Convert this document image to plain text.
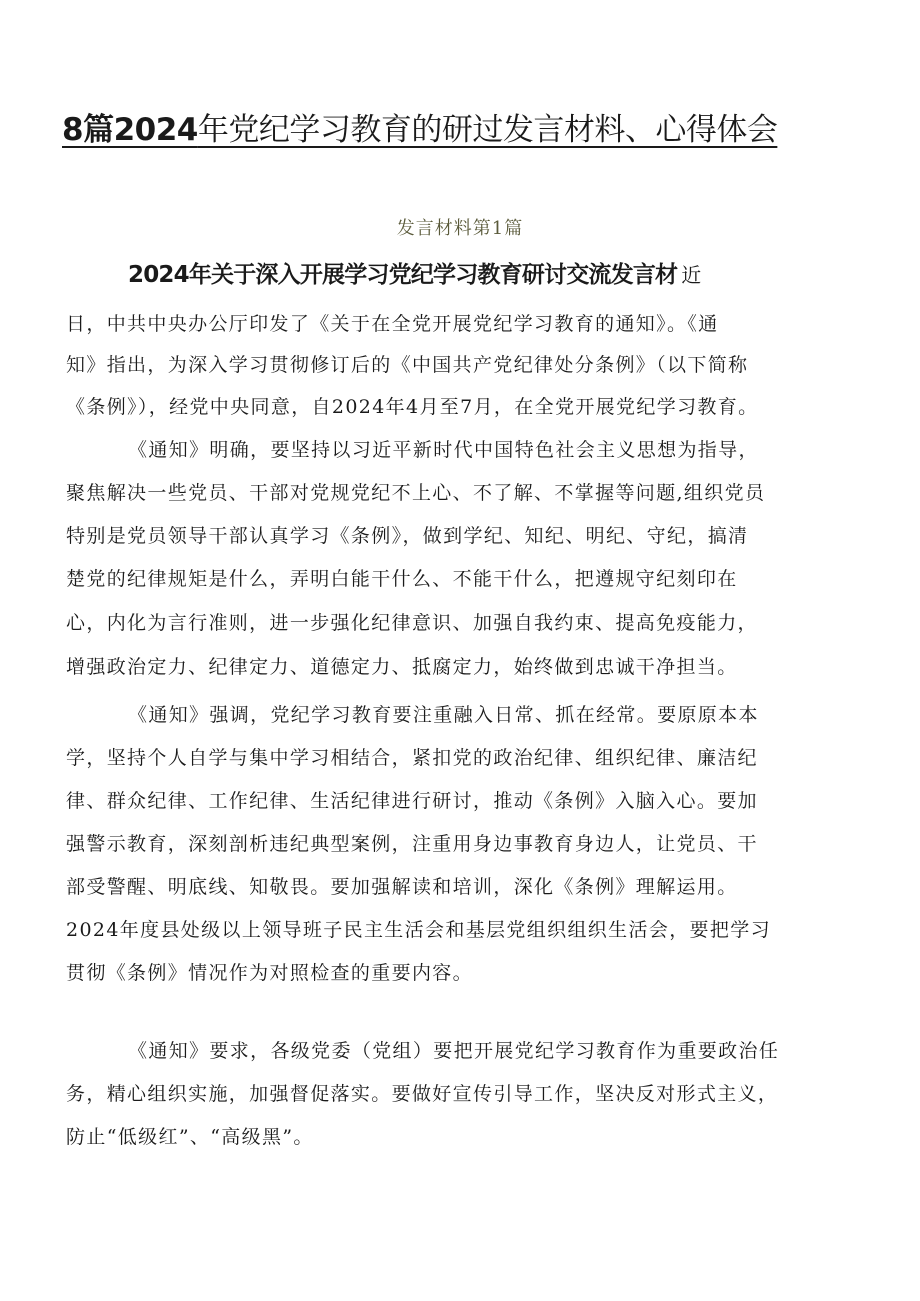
8篇2024年党纪学习教育的研过发言材料、心得体会
发言材料第1篇
2024年关于深入开展学习党纪学习教育研讨交流发言材 近
日，中共中央办公厅印发了《关于在全党开展党纪学习教育的通知》。《通
知》指出，为深入学习贯彻修订后的《中国共产党纪律处分条例》（以下简称
《条例》），经党中央同意，自2024年4月至7月，在全党开展党纪学习教育。
《通知》明确，要坚持以习近平新时代中国特色社会主义思想为指导，
聚焦解决一些党员、干部对党规党纪不上心、不了解、不掌握等问题,组织党员
特别是党员领导干部认真学习《条例》，做到学纪、知纪、明纪、守纪，搞清
楚党的纪律规矩是什么，弄明白能干什么、不能干什么，把遵规守纪刻印在
心，内化为言行准则，进一步强化纪律意识、加强自我约束、提高免疫能力，
增强政治定力、纪律定力、道德定力、抵腐定力，始终做到忠诚干净担当。
《通知》强调，党纪学习教育要注重融入日常、抓在经常。要原原本本
学，坚持个人自学与集中学习相结合，紧扣党的政治纪律、组织纪律、廉洁纪
律、群众纪律、工作纪律、生活纪律进行研讨，推动《条例》入脑入心。要加
强警示教育，深刻剖析违纪典型案例，注重用身边事教育身边人，让党员、干
部受警醒、明底线、知敬畏。要加强解读和培训，深化《条例》理解运用。
2024年度县处级以上领导班子民主生活会和基层党组织组织生活会，要把学习
贯彻《条例》情况作为对照检查的重要内容。
《通知》要求，各级党委（党组）要把开展党纪学习教育作为重要政治任
务，精心组织实施，加强督促落实。要做好宣传引导工作，坚决反对形式主义，
防止“低级红”、“高级黑”。
